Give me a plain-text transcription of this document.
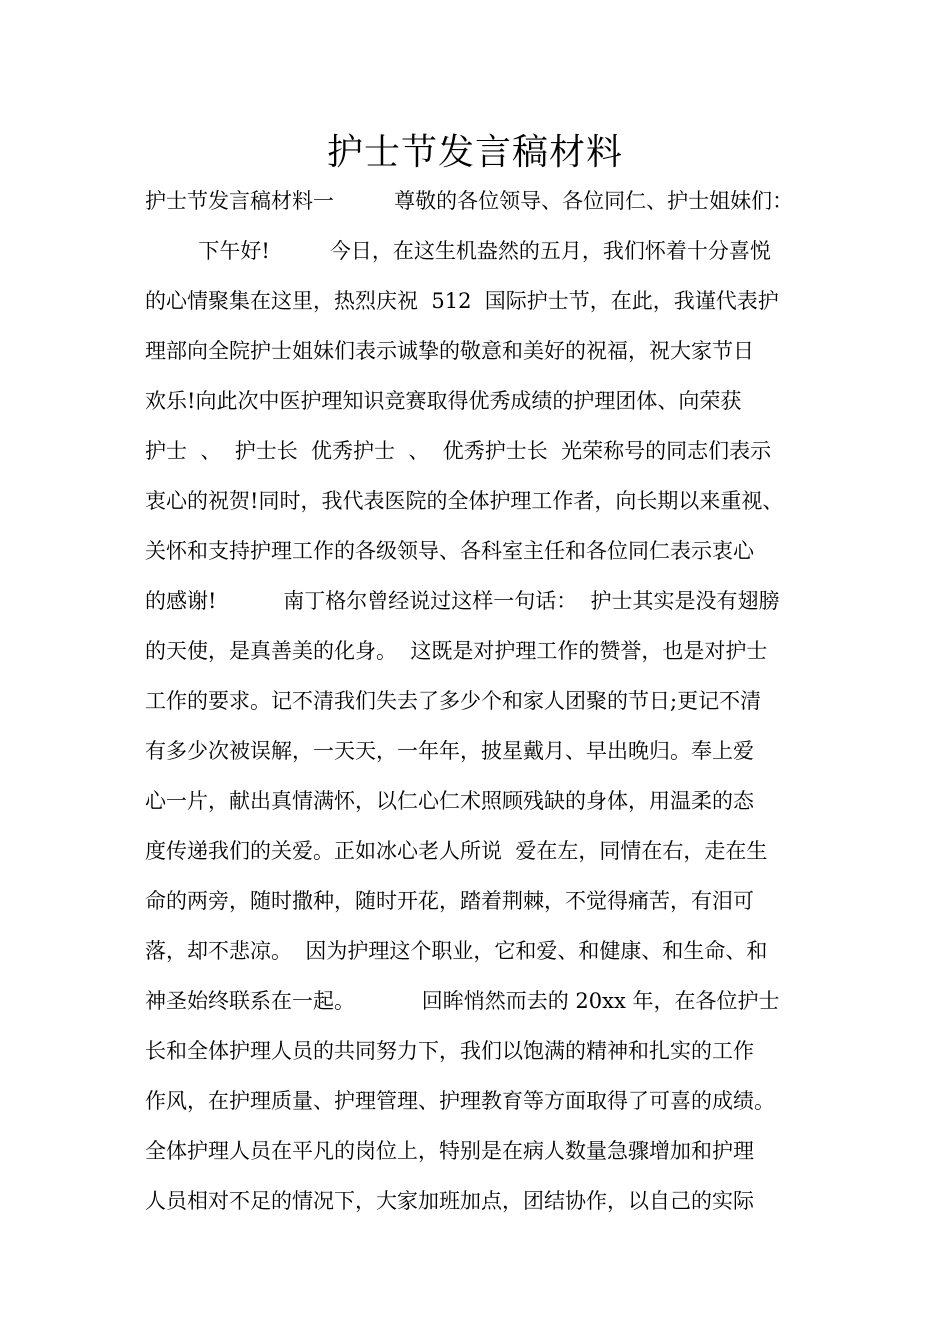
护士节发言稿材料
护士节发言稿材料一         尊敬的各位领导、各位同仁、护士姐妹们：
下午好!         今日，在这生机盎然的五月，我们怀着十分喜悦
的心情聚集在这里，热烈庆祝  512  国际护士节，在此，我谨代表护
理部向全院护士姐妹们表示诚挚的敬意和美好的祝福，祝大家节日
欢乐!向此次中医护理知识竞赛取得优秀成绩的护理团体、向荣获
护士  、  护士长  优秀护士  、  优秀护士长  光荣称号的同志们表示
衷心的祝贺!同时，我代表医院的全体护理工作者，向长期以来重视、
关怀和支持护理工作的各级领导、各科室主任和各位同仁表示衷心
的感谢!          南丁格尔曾经说过这样一句话：  护士其实是没有翅膀
的天使，是真善美的化身。  这既是对护理工作的赞誉，也是对护士
工作的要求。记不清我们失去了多少个和家人团聚的节日;更记不清
有多少次被误解，一天天，一年年，披星戴月、早出晚归。奉上爱
心一片，献出真情满怀，以仁心仁术照顾残缺的身体，用温柔的态
度传递我们的关爱。正如冰心老人所说  爱在左，同情在右，走在生
命的两旁，随时撒种，随时开花，踏着荆棘，不觉得痛苦，有泪可
落，却不悲凉。  因为护理这个职业，它和爱、和健康、和生命、和
神圣始终联系在一起。          回眸悄然而去的 20xx 年，在各位护士
长和全体护理人员的共同努力下，我们以饱满的精神和扎实的工作
作风，在护理质量、护理管理、护理教育等方面取得了可喜的成绩。
全体护理人员在平凡的岗位上，特别是在病人数量急骤增加和护理
人员相对不足的情况下，大家加班加点，团结协作，以自己的实际
